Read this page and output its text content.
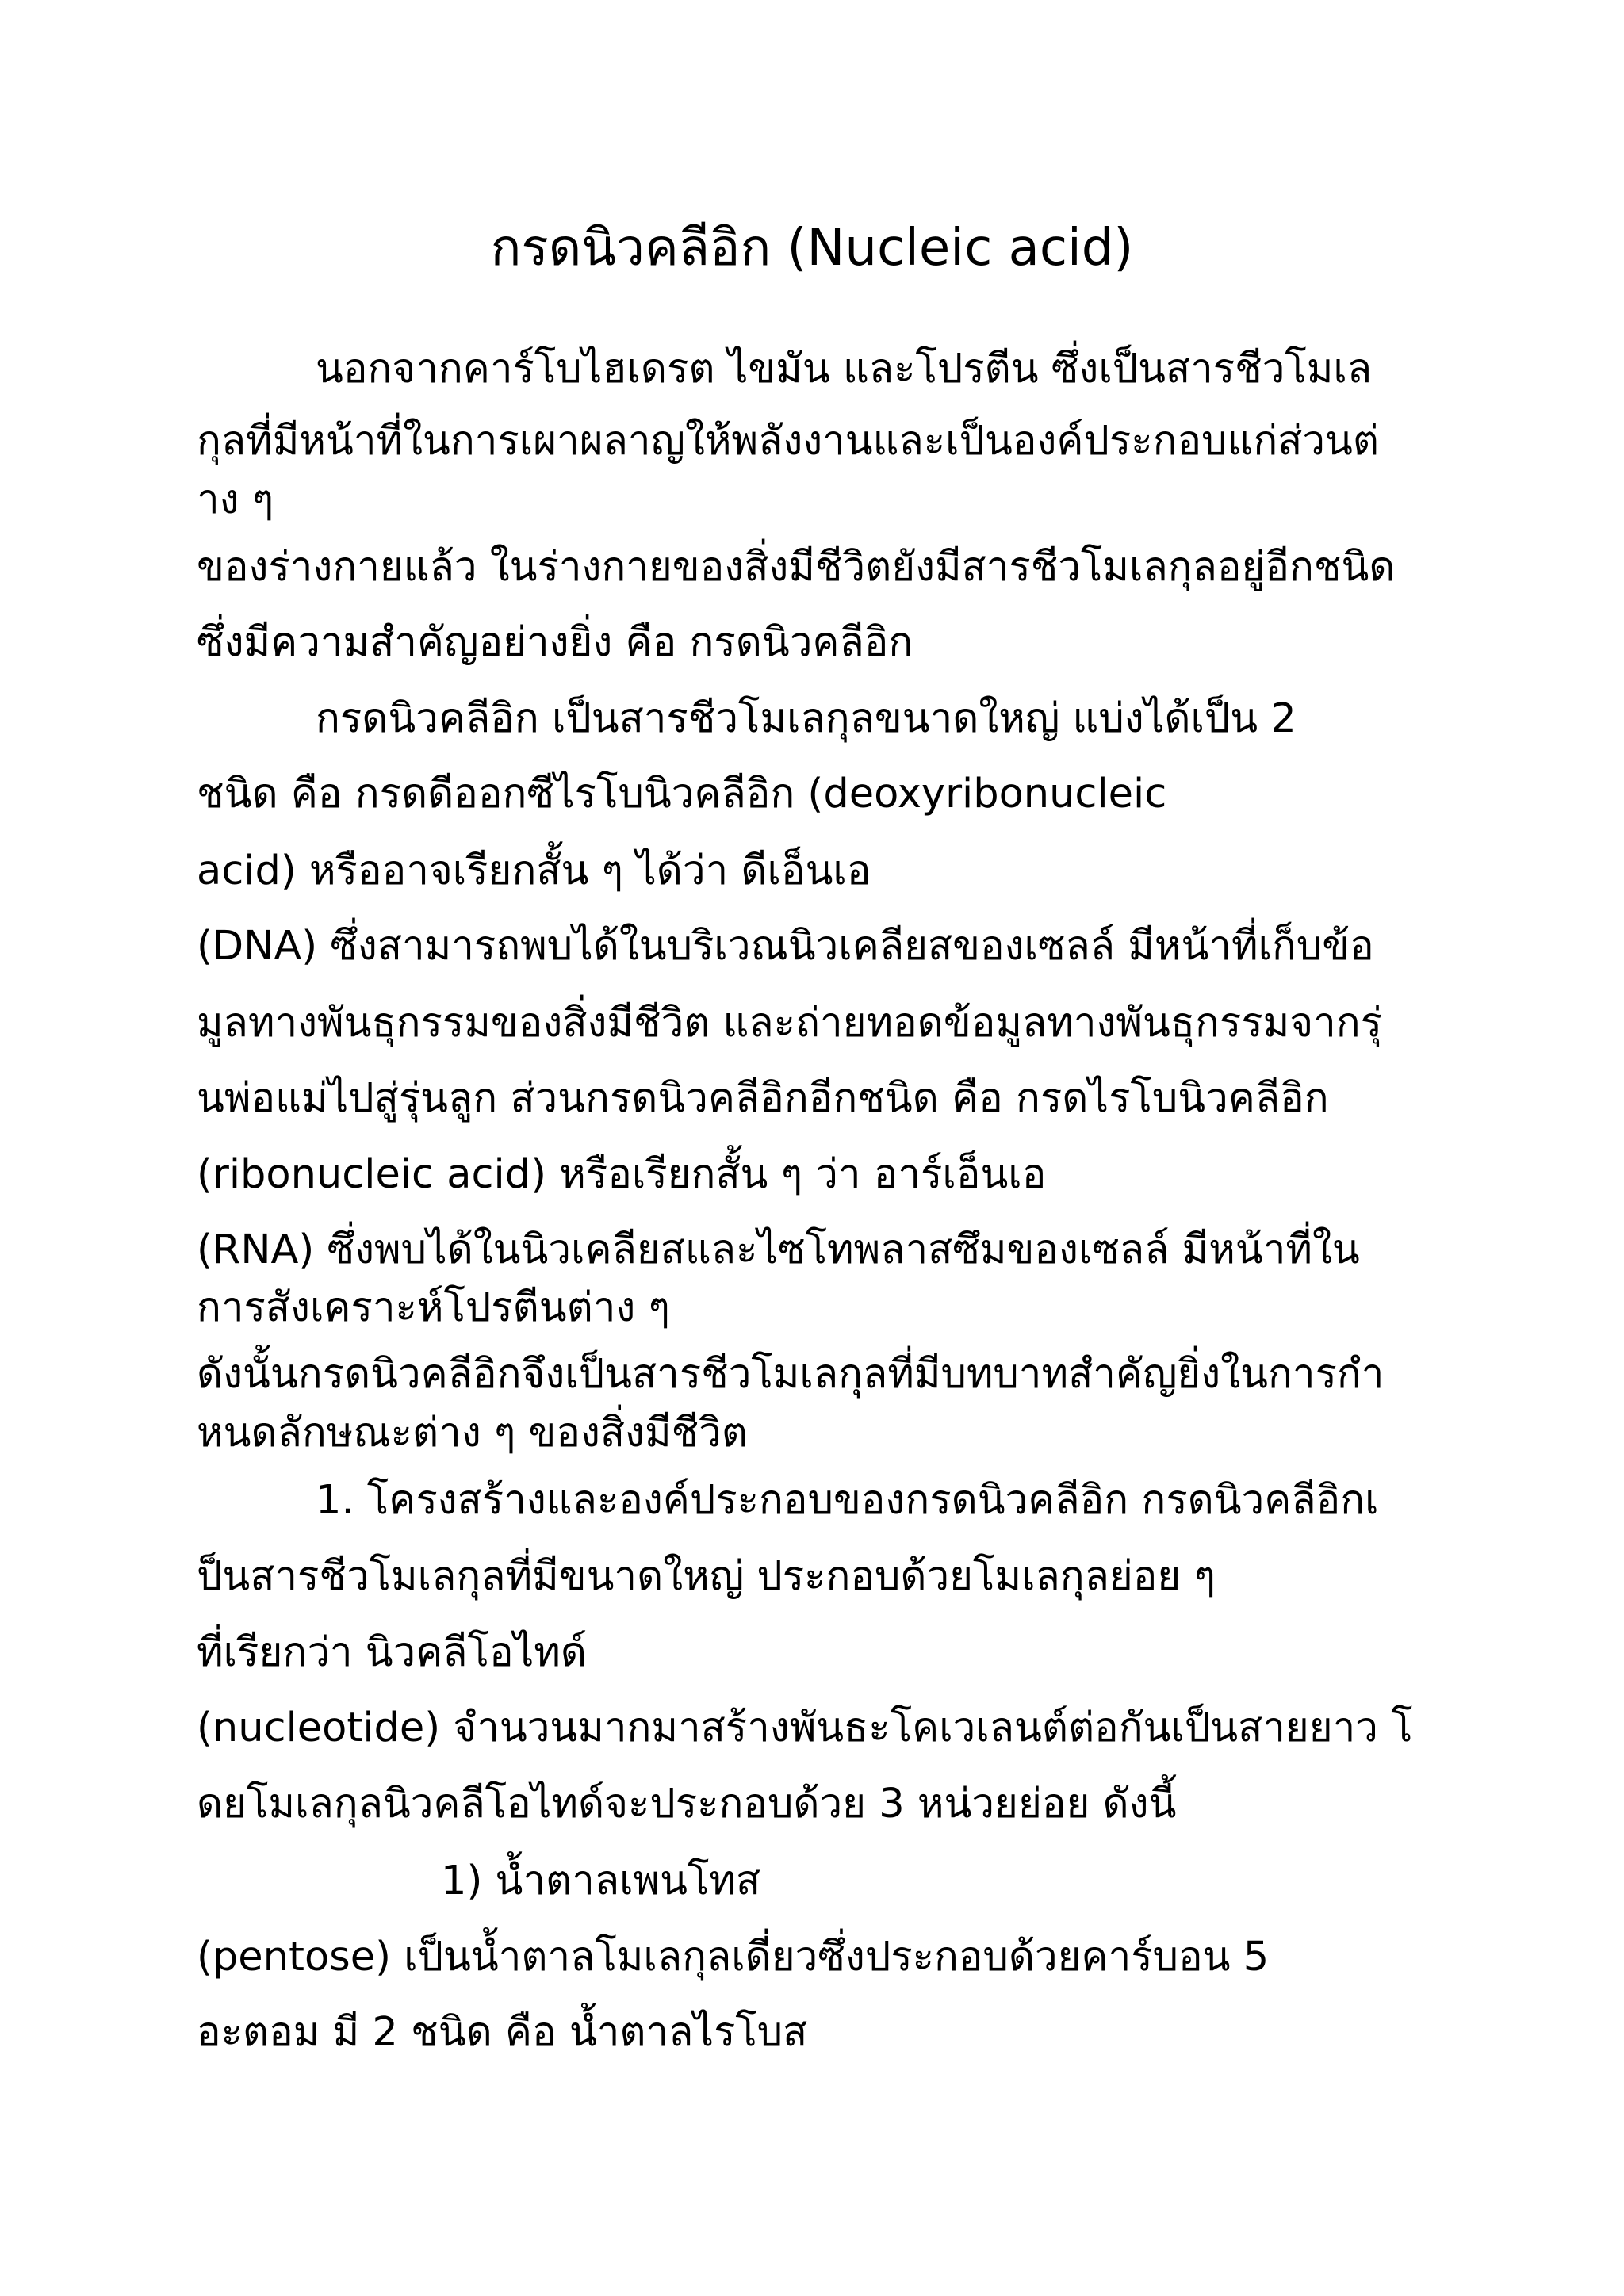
กรดนิวคลีอิก (Nucleic acid)
นอกจากคาร์โบไฮเดรต ไขมัน และโปรตีน ซึ่งเป็นสารชีวโมเล
กุลที่มีหน้าที่ในการเผาผลาญให้พลังงานและเป็นองค์ประกอบแก่ส่วนต่
าง ๆ
ของร่างกายแล้ว ในร่างกายของสิ่งมีชีวิตยังมีสารชีวโมเลกุลอยู่อีกชนิด
ซึ่งมีความสำคัญอย่างยิ่ง คือ กรดนิวคลีอิก
กรดนิวคลีอิก เป็นสารชีวโมเลกุลขนาดใหญ่ แบ่งได้เป็น 2
ชนิด คือ กรดดีออกซีไรโบนิวคลีอิก (deoxyribonucleic
acid) หรืออาจเรียกสั้น ๆ ได้ว่า ดีเอ็นเอ
(DNA) ซึ่งสามารถพบได้ในบริเวณนิวเคลียสของเซลล์ มีหน้าที่เก็บข้อ
มูลทางพันธุกรรมของสิ่งมีชีวิต และถ่ายทอดข้อมูลทางพันธุกรรมจากรุ่
นพ่อแม่ไปสู่รุ่นลูก ส่วนกรดนิวคลีอิกอีกชนิด คือ กรดไรโบนิวคลีอิก
(ribonucleic acid) หรือเรียกสั้น ๆ ว่า อาร์เอ็นเอ
(RNA) ซึ่งพบได้ในนิวเคลียสและไซโทพลาสซึมของเซลล์ มีหน้าที่ใน
การสังเคราะห์โปรตีนต่าง ๆ
ดังนั้นกรดนิวคลีอิกจึงเป็นสารชีวโมเลกุลที่มีบทบาทสำคัญยิ่งในการกำ
หนดลักษณะต่าง ๆ ของสิ่งมีชีวิต
1. โครงสร้างและองค์ประกอบของกรดนิวคลีอิก กรดนิวคลีอิกเ
ป็นสารชีวโมเลกุลที่มีขนาดใหญ่ ประกอบด้วยโมเลกุลย่อย ๆ
ที่เรียกว่า นิวคลีโอไทด์
(nucleotide) จำนวนมากมาสร้างพันธะโคเวเลนต์ต่อกันเป็นสายยาว โ
ดยโมเลกุลนิวคลีโอไทด์จะประกอบด้วย 3 หน่วยย่อย ดังนี้
1) น้ำตาลเพนโทส
(pentose) เป็นน้ำตาลโมเลกุลเดี่ยวซึ่งประกอบด้วยคาร์บอน 5
อะตอม มี 2 ชนิด คือ น้ำตาลไรโบส
